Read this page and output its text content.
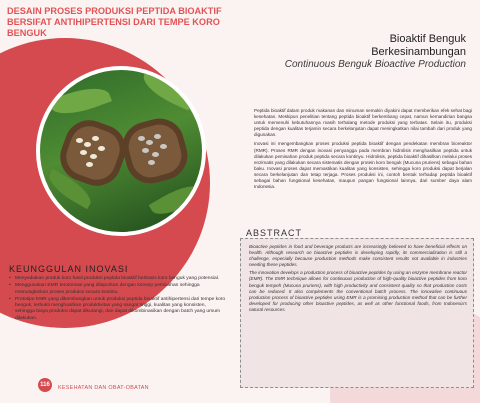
DESAIN PROSES PRODUKSI PEPTIDA BIOAKTIF BERSIFAT ANTIHIPERTENSI DARI TEMPE KORO BENGUK	Bioaktif Benguk
Berkesinambungan
Continuous Benguk Bioactive Production

Peptida bioaktif dalam produk makanan dan minuman semakin diyakini dapat memberikan efek sehat bagi kesehatan. Meskipun penelitian tentang peptida bioaktif berkembang cepat, namun kemandirian bangsa untuk memenuhi kebutuhannya masih terhalang metode produksi yang terbatas. Selain itu, produksi peptida dengan kualitas terjamin secara berkelanjutan dapat meningkatkan nilai tambah dari produk yang digunakan.

Inovasi ini mengembangkan proses produksi peptida bioaktif dengan pendekatan membran bioreaktor (RMR). Proses RMR dengan inovasi penyangga pada membran hidrolisis menghasilkan peptida untuk dilakukan pemisahan produk peptida secara kontinyu. Hidrolisis, peptida bioaktif dihasilkan melalui proses enzimatis yang dilakukan secara sistematis dengan protein koro benguk (Mucuna pruriens) sebagai bahan baku. Inovasi proses dapat memastikan kualitas yang konsisten, sehingga koro produksi dapat berjalan secara berkelanjutan dan tetap terjaga. Proses produksi ini, contoh bentuk terhadap peptida bioaktif sebagai bahan fungsional kesehatan, maupun pangan fungsional lainnya, dari sumber daya alam Indonesia.

ABSTRACT

Bioactive peptides in food and beverage products are increasingly believed to have beneficial effects on health. Although research on bioactive peptides is developing rapidly, its commercialization is still a challenge, especially because production methods make consistent results not available in industries needing these peptides.

The innovation develops a production process of bioactive peptides by using an enzyme membrane reactor (EMR). The EMR technique allows for continuous production of high-quality bioactive peptides from koro benguk tempeh (Mucuna pruriens), with high productivity and consistent quality so that production costs can be reduced. It also complements the conventional batch process. The innovative continuous production process of bioactive peptides using EMR is a promising production method that can be further developed for producing other bioactive peptides, as well as other functional foods, from Indonesia's natural resources.

KEUNGGULAN INOVASI
• Menyediakan produk koro hasil produksi peptida bioaktif berbasis koro benguk yang potensial.
• Menggunakan EMR terotomasi yang dilaporkan dengan konsep pemisahan sehingga memungkinkan proses produksi secara kontinu.
• Prototipe EMR yang dikembangkan untuk produksi peptida bioaktif antihipertensi dari tempe koro benguk, terbukti menghasilkan produktivitas yang sangat tinggi, kualitas yang konsisten, sehingga biaya produksi dapat dikurangi, dan dapat dikombinasikan dengan batch yang umum dilakukan.
116	KESEHATAN DAN OBAT-OBATAN
